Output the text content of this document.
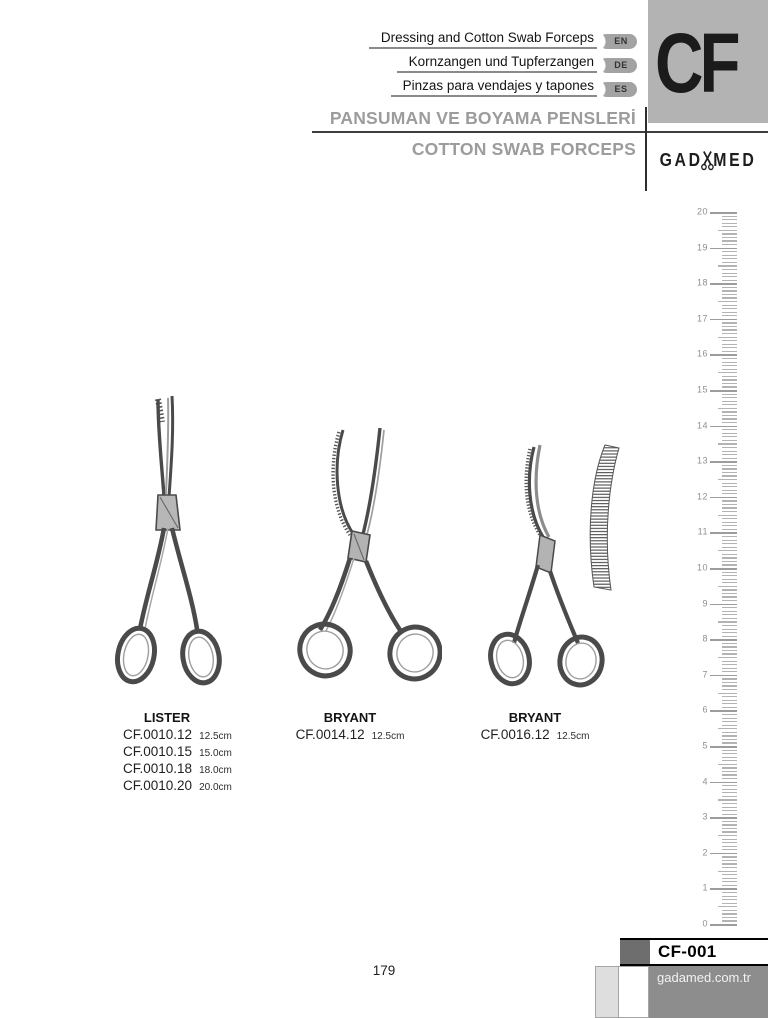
Dressing and Cotton Swab Forceps	EN
Kornzangen und Tupferzangen	DE
Pinzas para vendajes y tapones	ES CF
PANSUMAN VE BOYAMA PENSLERİ
COTTON SWAB FORCEPS
GAD MED
LISTER
CF.0010.12 12.5cm
CF.0010.15 15.0cm
CF.0010.18 18.0cm
CF.0010.20 20.0cm
BRYANT
CF.0014.12 12.5cm
BRYANT
CF.0016.12 12.5cm
0
1
2
3
4
5
6
7
8
9
10
11
12
13
14
15
16
17
18
19
20
CF-001
gadamed.com.tr
179
